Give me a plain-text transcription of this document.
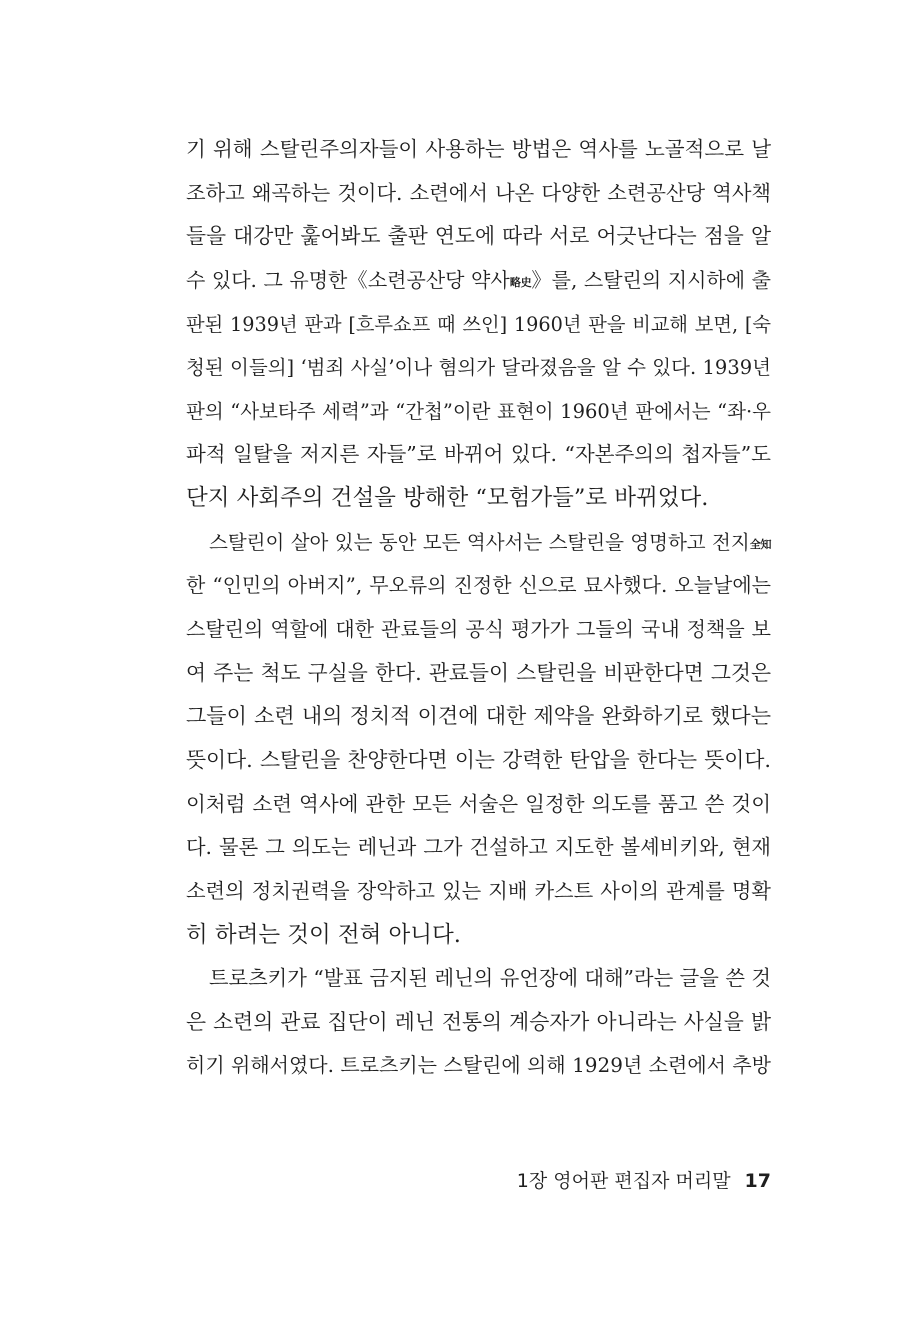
기 위해 스탈린주의자들이 사용하는 방법은 역사를 노골적으로 날
조하고 왜곡하는 것이다. 소련에서 나온 다양한 소련공산당 역사책
들을 대강만 훑어봐도 출판 연도에 따라 서로 어긋난다는 점을 알
수 있다. 그 유명한《소련공산당 약사略史》를, 스탈린의 지시하에 출
판된 1939년 판과 [흐루쇼프 때 쓰인] 1960년 판을 비교해 보면, [숙
청된 이들의] ‘범죄 사실’이나 혐의가 달라졌음을 알 수 있다. 1939년
판의 “사보타주 세력”과 “간첩”이란 표현이 1960년 판에서는 “좌·우
파적 일탈을 저지른 자들”로 바뀌어 있다. “자본주의의 첩자들”도
단지 사회주의 건설을 방해한 “모험가들”로 바뀌었다.
스탈린이 살아 있는 동안 모든 역사서는 스탈린을 영명하고 전지全知
한 “인민의 아버지”, 무오류의 진정한 신으로 묘사했다. 오늘날에는
스탈린의 역할에 대한 관료들의 공식 평가가 그들의 국내 정책을 보
여 주는 척도 구실을 한다. 관료들이 스탈린을 비판한다면 그것은
그들이 소련 내의 정치적 이견에 대한 제약을 완화하기로 했다는
뜻이다. 스탈린을 찬양한다면 이는 강력한 탄압을 한다는 뜻이다.
이처럼 소련 역사에 관한 모든 서술은 일정한 의도를 품고 쓴 것이
다. 물론 그 의도는 레닌과 그가 건설하고 지도한 볼셰비키와, 현재
소련의 정치권력을 장악하고 있는 지배 카스트 사이의 관계를 명확
히 하려는 것이 전혀 아니다.
트로츠키가 “발표 금지된 레닌의 유언장에 대해”라는 글을 쓴 것
은 소련의 관료 집단이 레닌 전통의 계승자가 아니라는 사실을 밝
히기 위해서였다. 트로츠키는 스탈린에 의해 1929년 소련에서 추방
1장 영어판 편집자 머리말 17
